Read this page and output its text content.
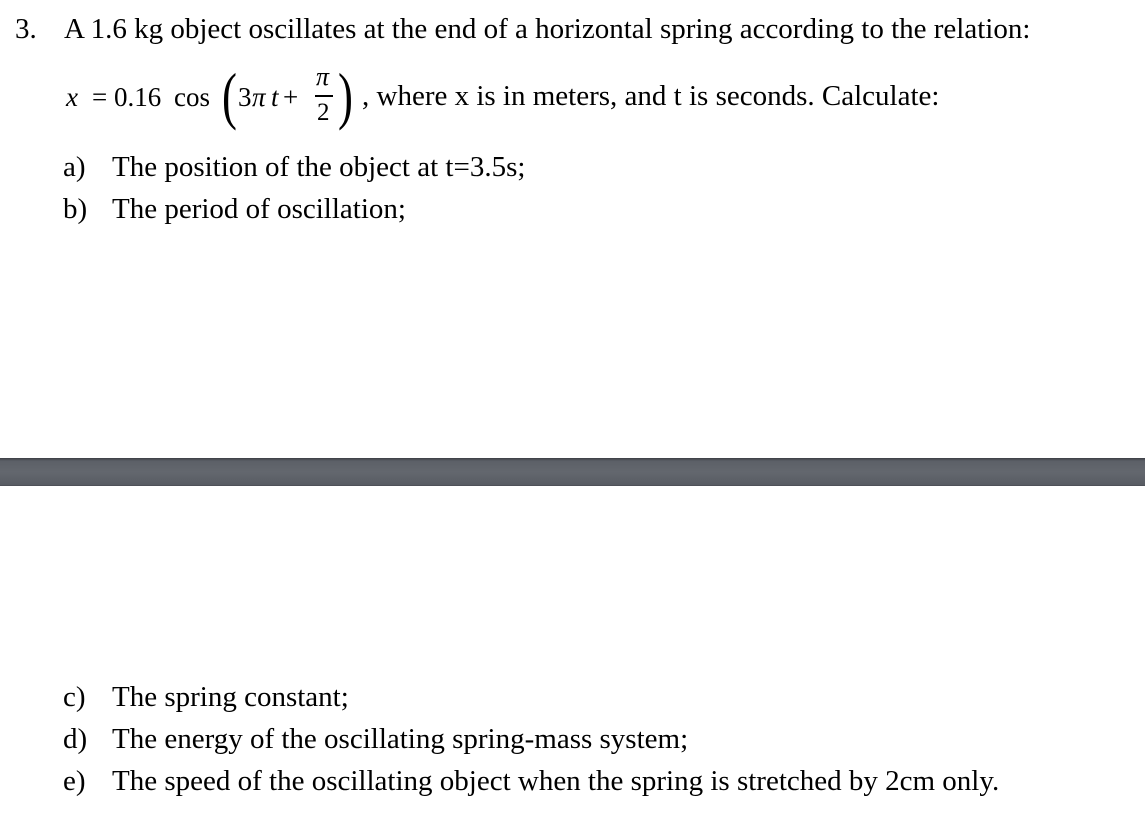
3. A 1.6 kg object oscillates at the end of a horizontal spring according to the relation:
x = 0.16 cos ( 3 π t +
π
2 ) , where x is in meters, and t is seconds. Calculate:
a) The position of the object at t=3.5s;
b) The period of oscillation;
c) The spring constant;
d) The energy of the oscillating spring-mass system;
e) The speed of the oscillating object when the spring is stretched by 2cm only.
